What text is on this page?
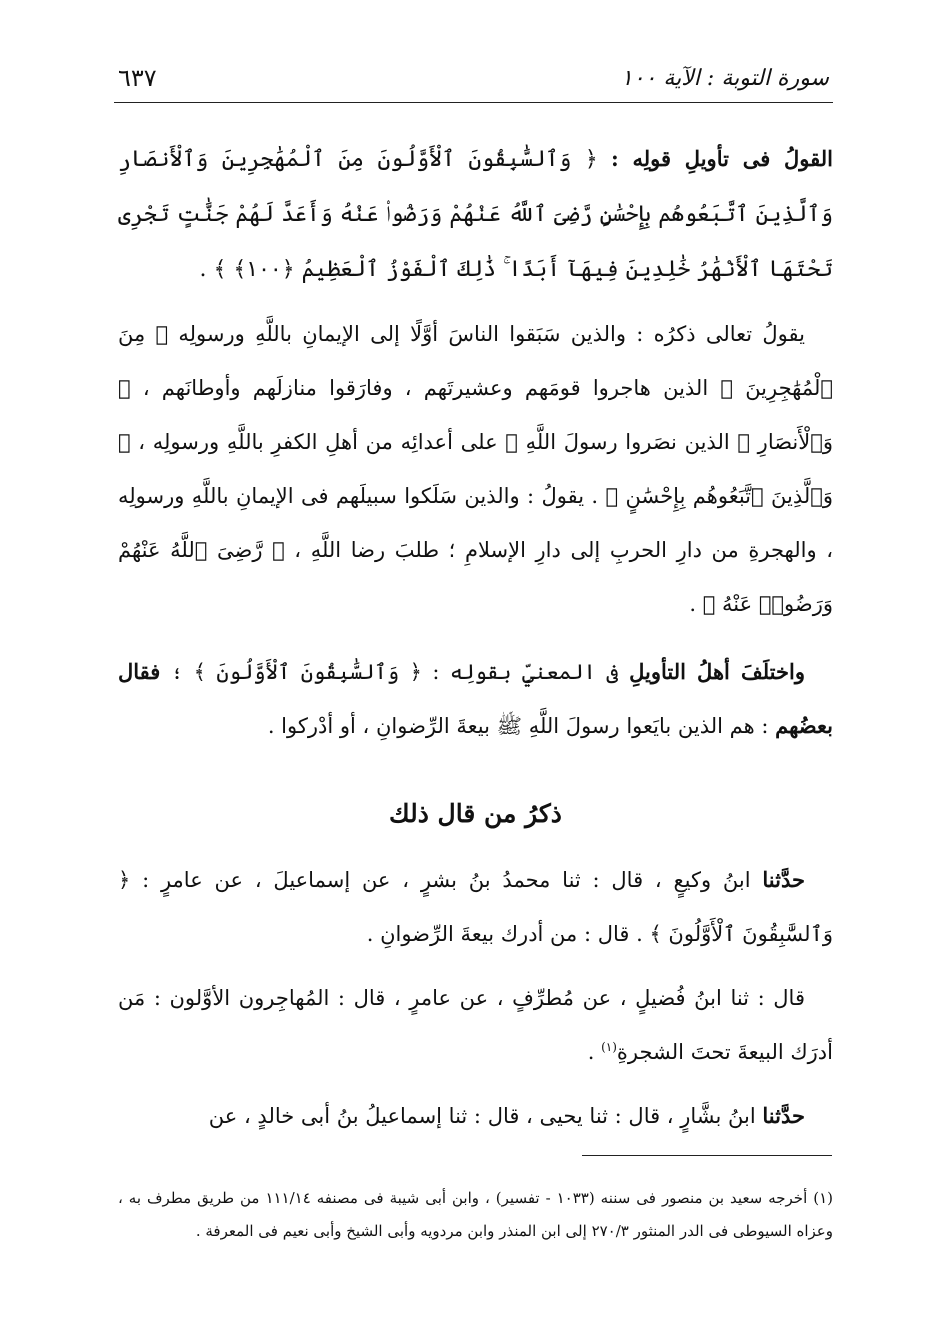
سورة التوبة : الآية ١٠٠
٦٣٧

القولُ فى تأويلِ قولِه : ﴿ وَٱلسَّٰبِقُونَ ٱلْأَوَّلُونَ مِنَ ٱلْمُهَٰجِرِينَ وَٱلْأَنصَارِ وَٱلَّذِينَ ٱتَّبَعُوهُم بِإِحْسَٰنٍ رَّضِىَ ٱللَّهُ عَنْهُمْ وَرَضُوا۟ عَنْهُ وَأَعَدَّ لَهُمْ جَنَّٰتٍ تَجْرِى تَحْتَهَا ٱلْأَنْهَٰرُ خَٰلِدِينَ فِيهَآ أَبَدًا ۚ ذَٰلِكَ ٱلْفَوْزُ ٱلْعَظِيمُ ﴿١٠٠﴾ ﴾ .

يقولُ تعالى ذكرُه : والذين سَبَقوا الناسَ أوَّلًا إلى الإيمانِ باللَّهِ ورسولِه ﴿ مِنَ ٱلْمُهَٰجِرِينَ ﴾ الذين هاجروا قومَهم وعشيرتَهم ، وفارَقوا منازلَهم وأوطانَهم ، ﴿ وَٱلْأَنصَارِ ﴾ الذين نصَروا رسولَ اللَّهِ ﷺ على أعدائِه من أهلِ الكفرِ باللَّهِ ورسولِه ، ﴿ وَٱلَّذِينَ ٱتَّبَعُوهُم بِإِحْسَٰنٍ ﴾ . يقولُ : والذين سَلَكوا سبيلَهم فى الإيمانِ باللَّهِ ورسولِه ، والهجرةِ من دارِ الحربِ إلى دارِ الإسلامِ ؛ طلبَ رضا اللَّهِ ، ﴿ رَّضِىَ ٱللَّهُ عَنْهُمْ وَرَضُوا۟ عَنْهُ ﴾ .

واختلَفَ أهلُ التأويلِ فى المعنيِّ بقولِه : ﴿ وَٱلسَّٰبِقُونَ ٱلْأَوَّلُونَ ﴾ ؛ فقال بعضُهم : هم الذين بايَعوا رسولَ اللَّهِ ﷺ بيعةَ الرِّضوانِ ، أو أدْركوا .

ذكرُ من قال ذلك

حدَّثنا ابنُ وكيعٍ ، قال : ثنا محمدُ بنُ بشرٍ ، عن إسماعيلَ ، عن عامرٍ : ﴿ وَٱلسَّٰبِقُونَ ٱلْأَوَّلُونَ ﴾ . قال : من أدرك بيعةَ الرِّضوانِ .

قال : ثنا ابنُ فُضيلٍ ، عن مُطرِّفٍ ، عن عامرٍ ، قال : المُهاجِرون الأوَّلون : مَن أدرَك البيعةَ تحتَ الشجرةِ$^{(١)}$ .

حدَّثنا ابنُ بشَّارٍ ، قال : ثنا يحيى ، قال : ثنا إسماعيلُ بنُ أبى خالدٍ ، عن

(١) أخرجه سعيد بن منصور فى سننه (١٠٣٣ - تفسير) ، وابن أبى شيبة فى مصنفه ١١١/١٤ من طريق مطرف به ، وعزاه السيوطى فى الدر المنثور ٢٧٠/٣ إلى ابن المنذر وابن مردويه وأبى الشيخ وأبى نعيم فى المعرفة .
